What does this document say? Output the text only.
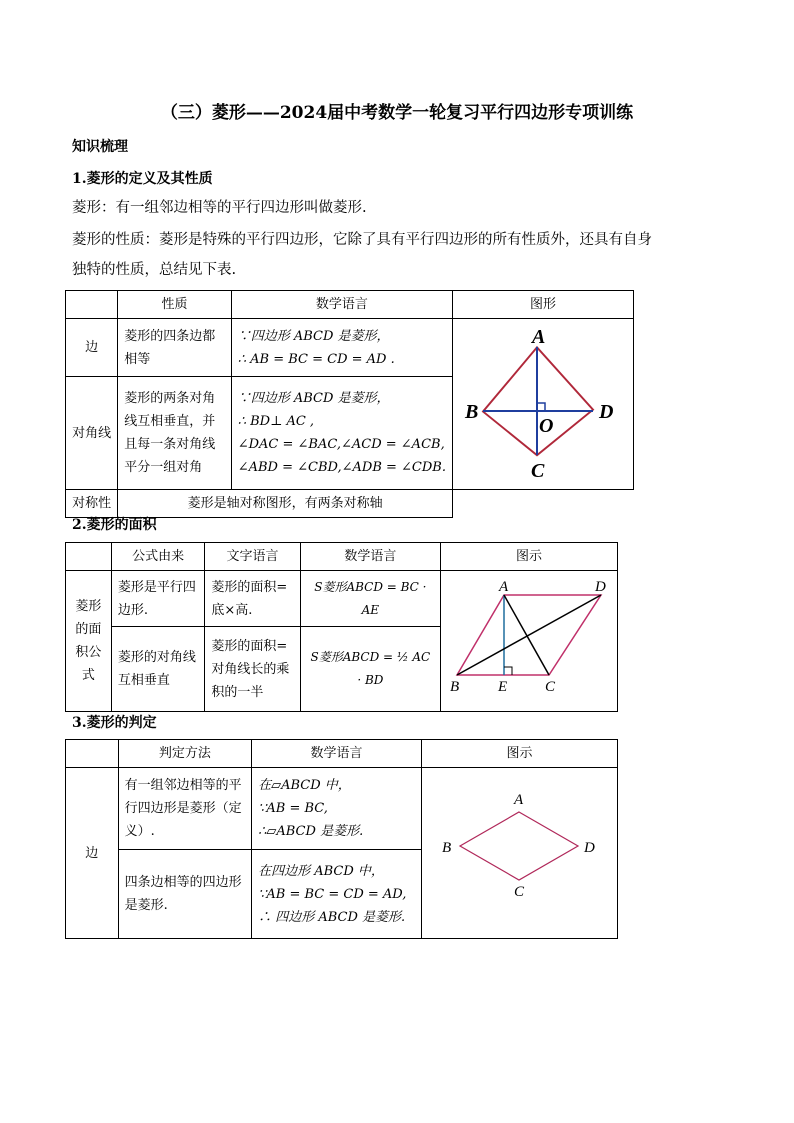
（三）菱形——2024届中考数学一轮复习平行四边形专项训练
知识梳理
1.菱形的定义及其性质
菱形：有一组邻边相等的平行四边形叫做菱形.
菱形的性质：菱形是特殊的平行四边形，它除了具有平行四边形的所有性质外，还具有自身
独特的性质，总结见下表.
	性质	数学语言	图形
边	菱形的四条边都相等	∵四边形 ABCD 是菱形，
∴ AB = BC = CD = AD .	A
B
C
D
O

对角线	菱形的两条对角线互相垂直，并且每一条对角线平分一组对角	∵四边形 ABCD 是菱形，
∴ BD⊥ AC ,
∠DAC = ∠BAC,∠ACD = ∠ACB,
∠ABD = ∠CBD,∠ADB = ∠CDB.	

对称性	菱形是轴对称图形，有两条对称轴		
2.菱形的面积
	公式由来	文字语言	数学语言	图示
菱形的面积公式	菱形是平行四边形.	菱形的面积=底×高.	S菱形ABCD = BC · AE	A D
B E C

	菱形的对角线互相垂直	菱形的面积=对角线长的乘积的一半	S菱形ABCD = ½ AC · BD	
3.菱形的判定
	判定方法	数学语言	图示
边	有一组邻边相等的平行四边形是菱形（定义）.	在▱ABCD 中，
∵AB = BC,
∴▱ABCD 是菱形.	A
B
C
D

	四条边相等的四边形是菱形.	在四边形 ABCD 中，
∵AB = BC = CD = AD,
∴ 四边形 ABCD 是菱形.	
